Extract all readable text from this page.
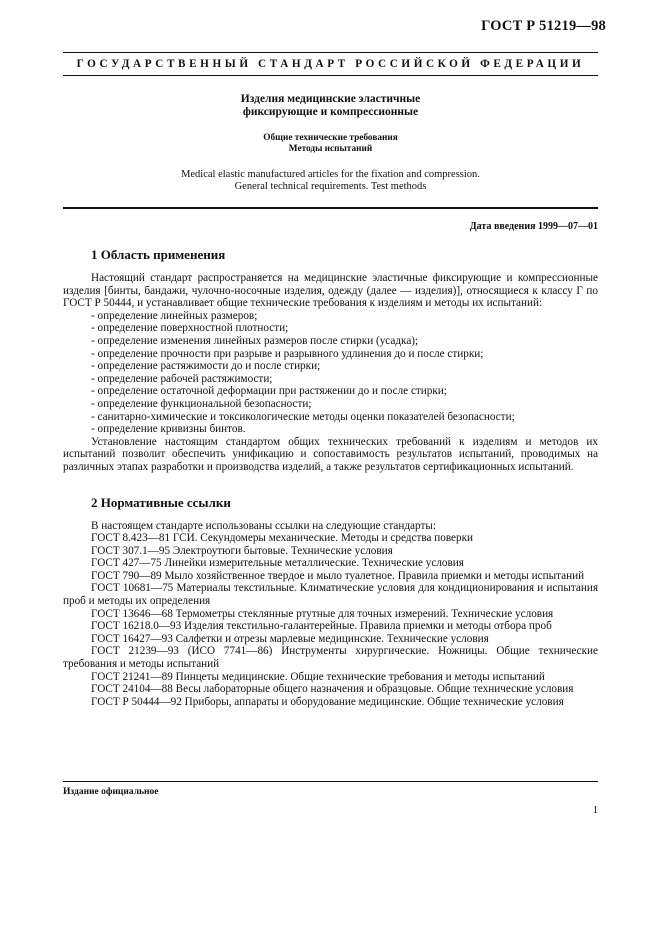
ГОСТ Р 51219—98
ГОСУДАРСТВЕННЫЙ СТАНДАРТ РОССИЙСКОЙ ФЕДЕРАЦИИ
Изделия медицинские эластичные
фиксирующие и компрессионные
Общие технические требования
Методы испытаний
Medical elastic manufactured articles for the fixation and compression.
General technical requirements. Test methods
Дата введения 1999—07—01
1 Область применения

Настоящий стандарт распространяется на медицинские эластичные фиксирующие и компрессионные изделия [бинты, бандажи, чулочно-носочные изделия, одежду (далее — изделия)], относящиеся к классу Г по ГОСТ Р 50444, и устанавливает общие технические требования к изделиям и методы их испытаний:

- определение линейных размеров;
- определение поверхностной плотности;
- определение изменения линейных размеров после стирки (усадка);
- определение прочности при разрыве и разрывного удлинения до и после стирки;
- определение растяжимости до и после стирки;
- определение рабочей растяжимости;
- определение остаточной деформации при растяжении до и после стирки;
- определение функциональной безопасности;
- санитарно-химические и токсикологические методы оценки показателей безопасности;
- определение кривизны бинтов.

Установление настоящим стандартом общих технических требований к изделиям и методов их испытаний позволит обеспечить унификацию и сопоставимость результатов испытаний, проводимых на различных этапах разработки и производства изделий, а также результатов сертификационных испытаний.

2 Нормативные ссылки

В настоящем стандарте использованы ссылки на следующие стандарты:

ГОСТ 8.423—81 ГСИ. Секундомеры механические. Методы и средства поверки

ГОСТ 307.1—95 Электроутюги бытовые. Технические условия

ГОСТ 427—75 Линейки измерительные металлические. Технические условия

ГОСТ 790—89 Мыло хозяйственное твердое и мыло туалетное. Правила приемки и методы испытаний

ГОСТ 10681—75 Материалы текстильные. Климатические условия для кондиционирования и испытания проб и методы их определения

ГОСТ 13646—68 Термометры стеклянные ртутные для точных измерений. Технические условия

ГОСТ 16218.0—93 Изделия текстильно-галантерейные. Правила приемки и методы отбора проб

ГОСТ 16427—93 Салфетки и отрезы марлевые медицинские. Технические условия

ГОСТ 21239—93 (ИСО 7741—86) Инструменты хирургические. Ножницы. Общие технические требования и методы испытаний

ГОСТ 21241—89 Пинцеты медицинские. Общие технические требования и методы испытаний

ГОСТ 24104—88 Весы лабораторные общего назначения и образцовые. Общие технические условия

ГОСТ Р 50444—92 Приборы, аппараты и оборудование медицинские. Общие технические условия

Издание официальное
1
